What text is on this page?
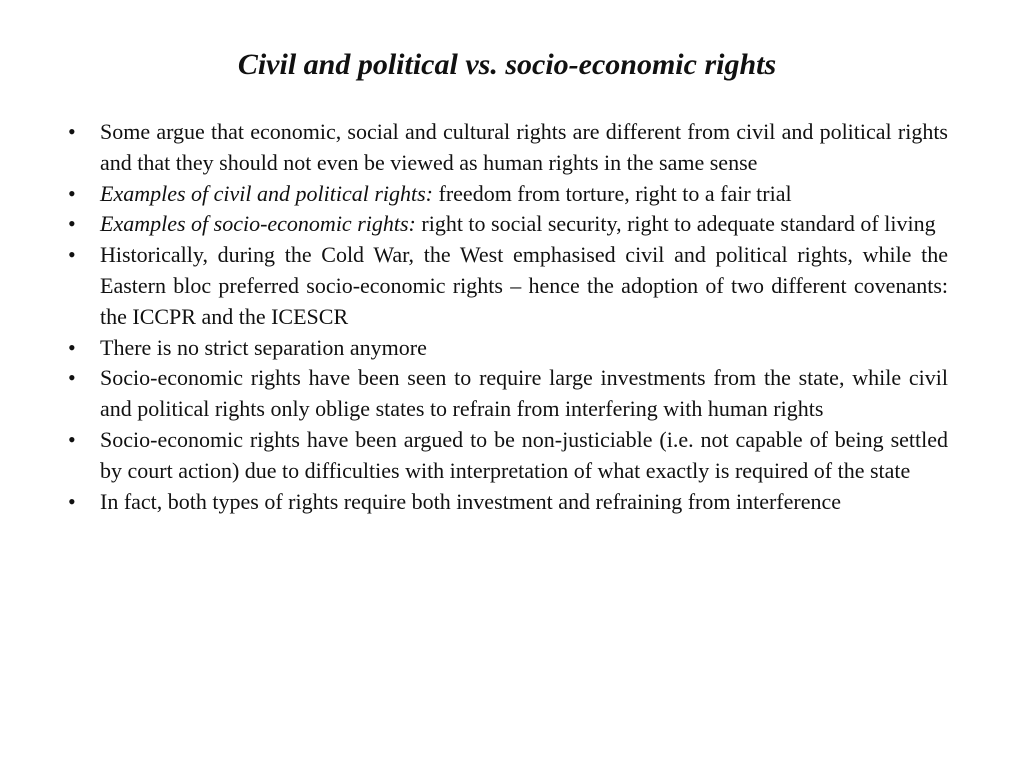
Civil and political vs. socio-economic rights
•	Some argue that economic, social and cultural rights are different from civil and political rights and that they should not even be viewed as human rights in the same sense
•	Examples of civil and political rights: freedom from torture, right to a fair trial
•	Examples of socio-economic rights: right to social security, right to adequate standard of living
•	Historically, during the Cold War, the West emphasised civil and political rights, while the Eastern bloc preferred socio-economic rights – hence the adoption of two different covenants: the ICCPR and the ICESCR
•	There is no strict separation anymore
•	Socio-economic rights have been seen to require large investments from the state, while civil and political rights only oblige states to refrain from interfering with human rights
•	Socio-economic rights have been argued to be non-justiciable (i.e. not capable of being settled by court action) due to difficulties with interpretation of what exactly is required of the state
•	In fact, both types of rights require both investment and refraining from interference
